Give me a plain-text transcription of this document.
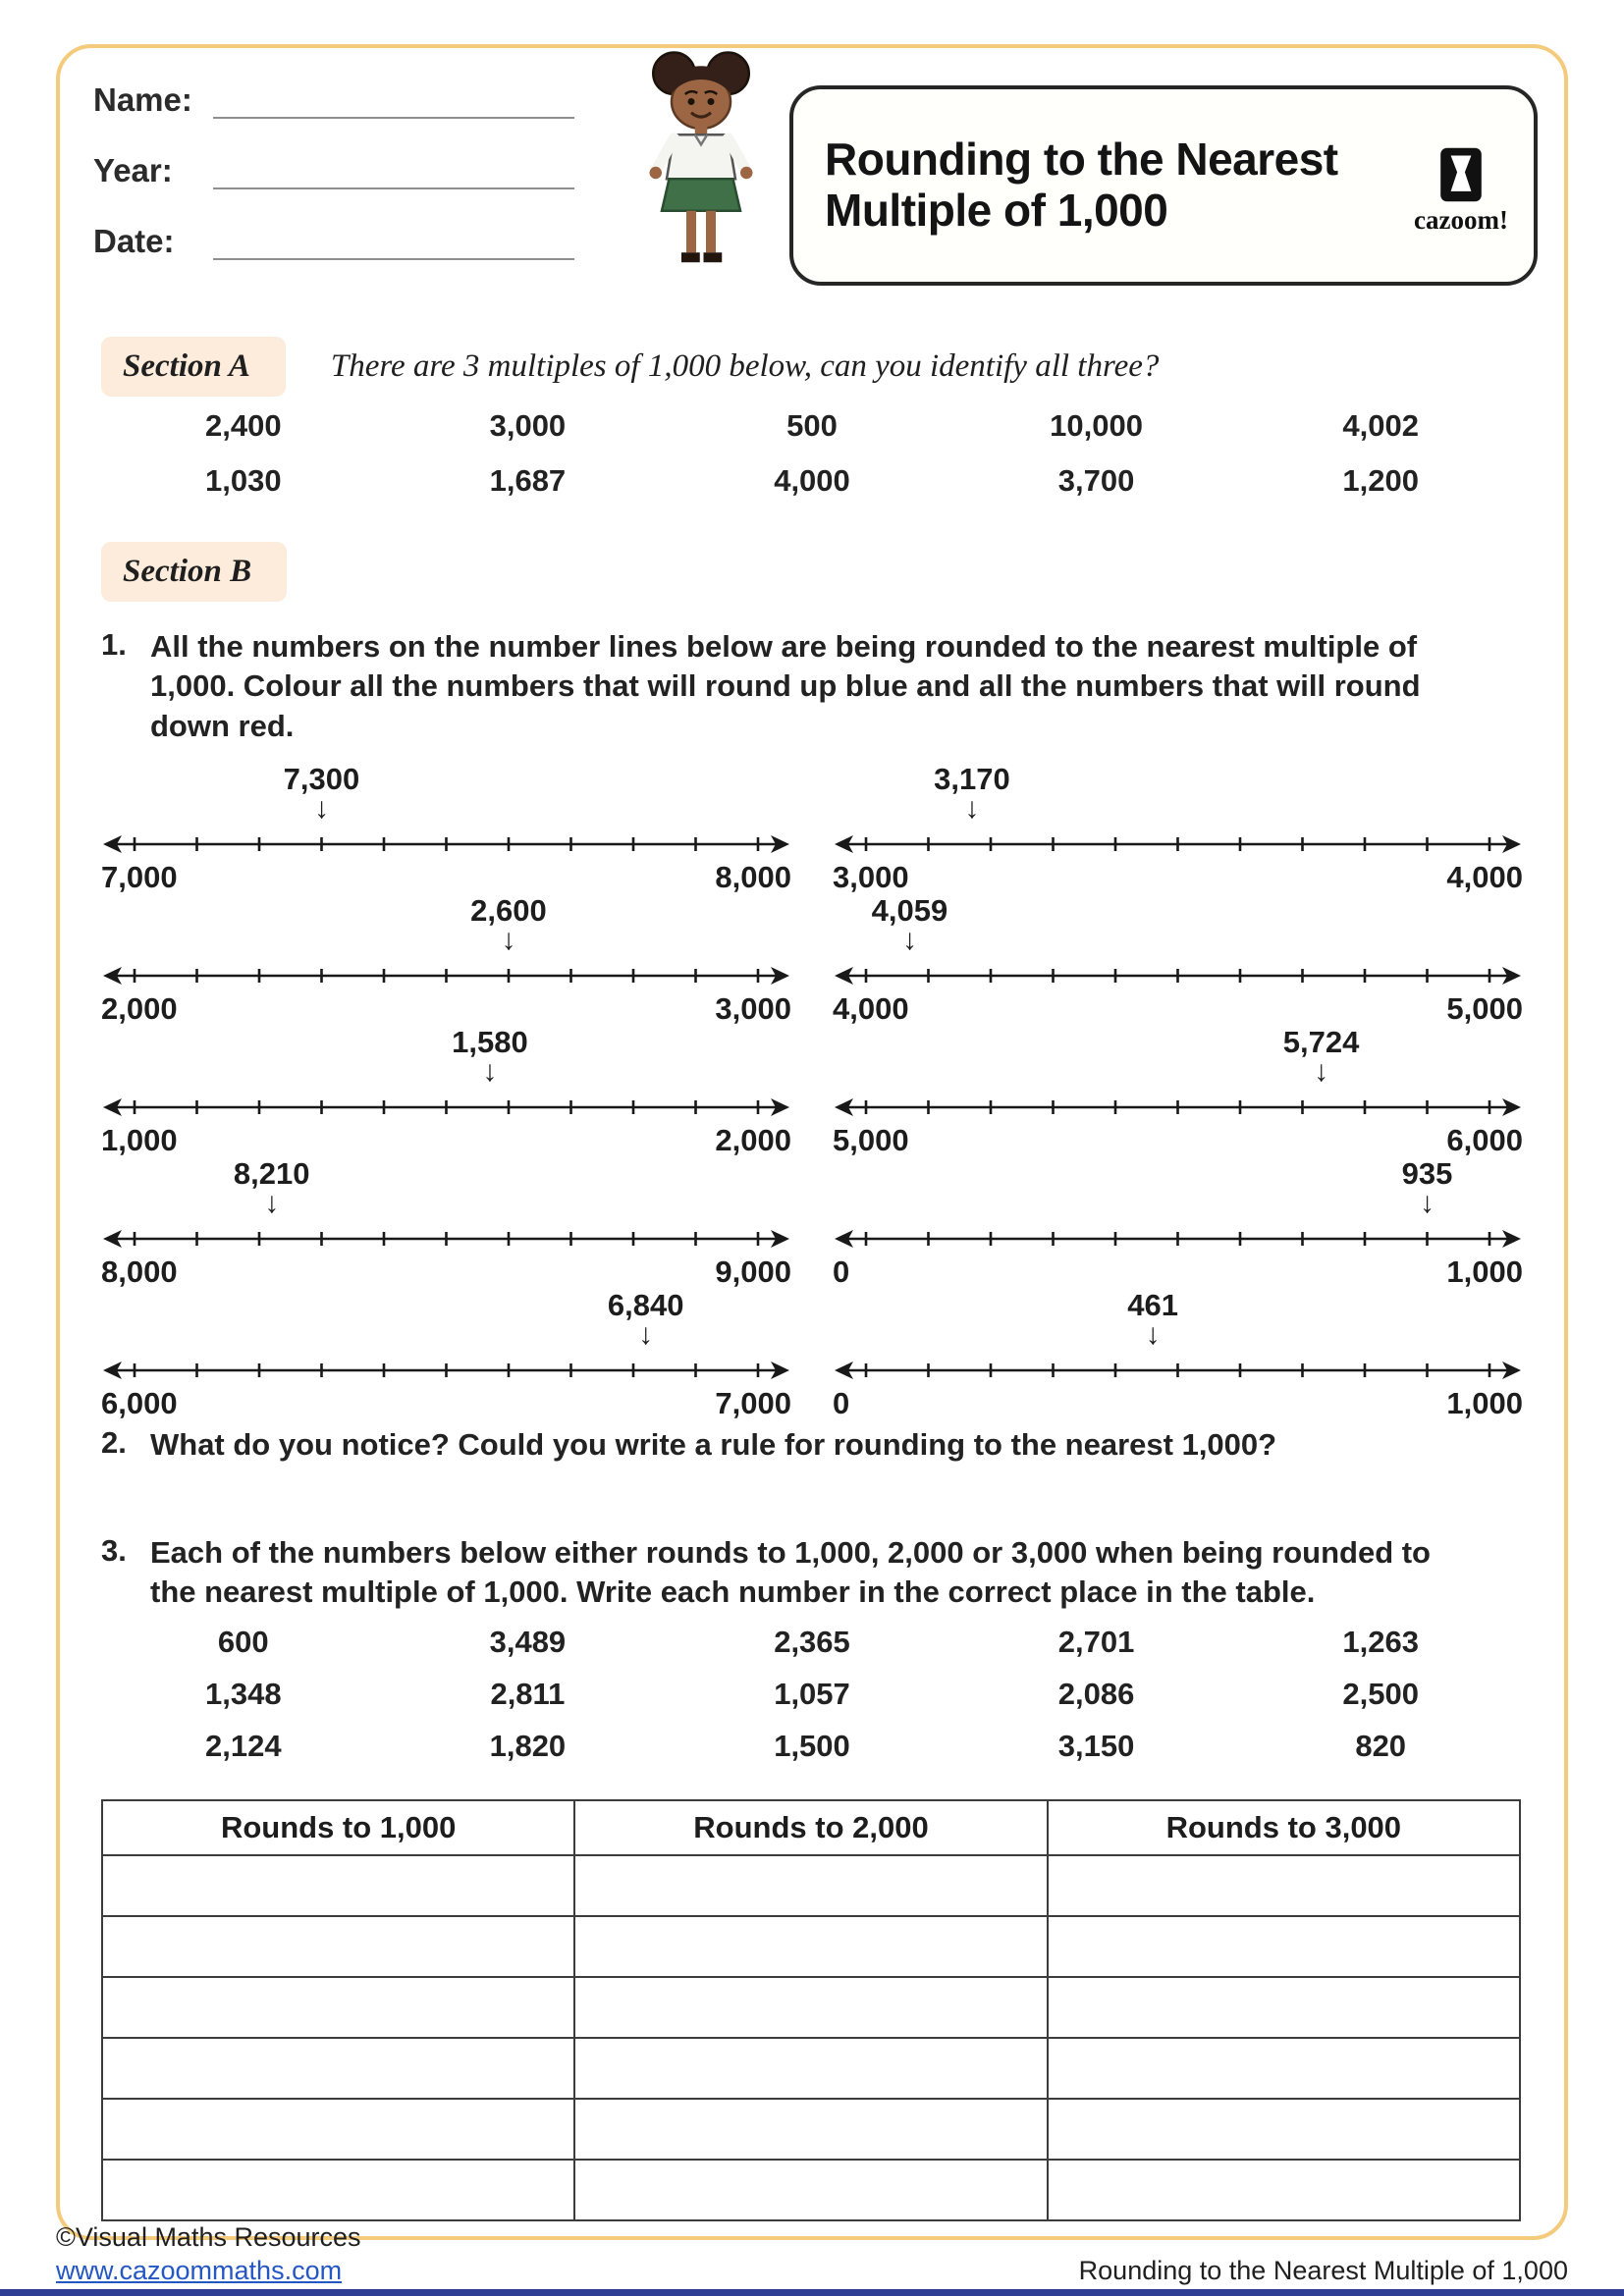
Name:
Year:
Date:
Rounding to the Nearest
Multiple of 1,000	cazoom!
Section A	There are 3 multiples of 1,000 below, can you identify all three?
2,400	3,000	500	10,000	4,002
1,030	1,687	4,000	3,700	1,200
Section B
1. All the numbers on the number lines below are being rounded to the nearest multiple of 1,000. Colour all the numbers that will round up blue and all the numbers that will round down red.
7,300
↓
7,000	8,000
3,170
↓
3,000	4,000
2,600
↓
2,000	3,000
4,059
↓
4,000	5,000
1,580
↓
1,000	2,000
5,724
↓
5,000	6,000
8,210
↓
8,000	9,000
935
↓
0	1,000
6,840
↓
6,000	7,000
461
↓
0	1,000
2. What do you notice? Could you write a rule for rounding to the nearest 1,000?
3. Each of the numbers below either rounds to 1,000, 2,000 or 3,000 when being rounded to the nearest multiple of 1,000. Write each number in the correct place in the table.
600	3,489	2,365	2,701	1,263
1,348	2,811	1,057	2,086	2,500
2,124	1,820	1,500	3,150	820
Rounds to 1,000	Rounds to 2,000	Rounds to 3,000

©Visual Maths Resources
www.cazoommaths.com	Rounding to the Nearest Multiple of 1,000
